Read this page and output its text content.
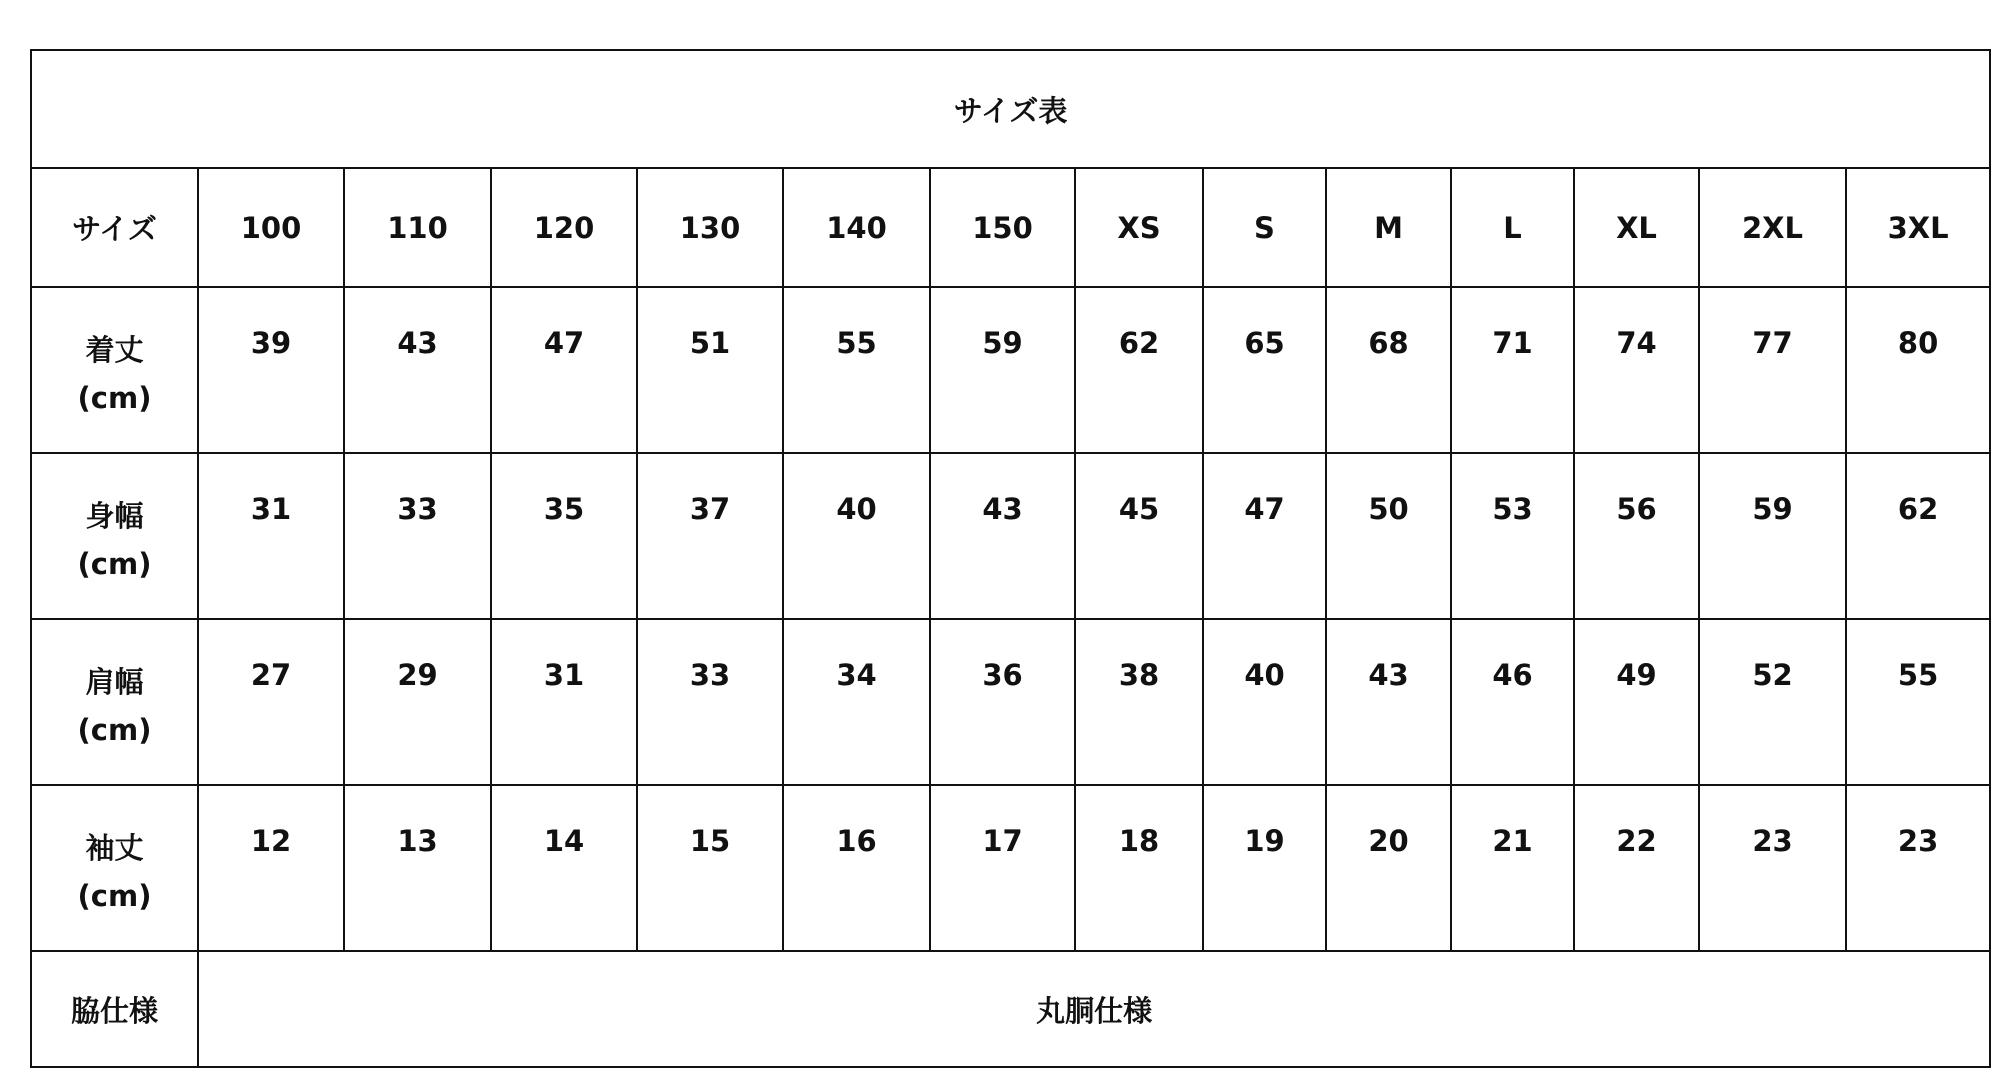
サイズ表													
サイズ	100	110	120	130	140	150	XS	S	M	L	XL	2XL	3XL

着丈
(cm)	39	43	47	51	55	59	62	65	68	71	74	77	80

身幅
(cm)	31	33	35	37	40	43	45	47	50	53	56	59	62

肩幅
(cm)	27	29	31	33	34	36	38	40	43	46	49	52	55

袖丈
(cm)	12	13	14	15	16	17	18	19	20	21	22	23	23

脇仕様	丸胴仕様												
